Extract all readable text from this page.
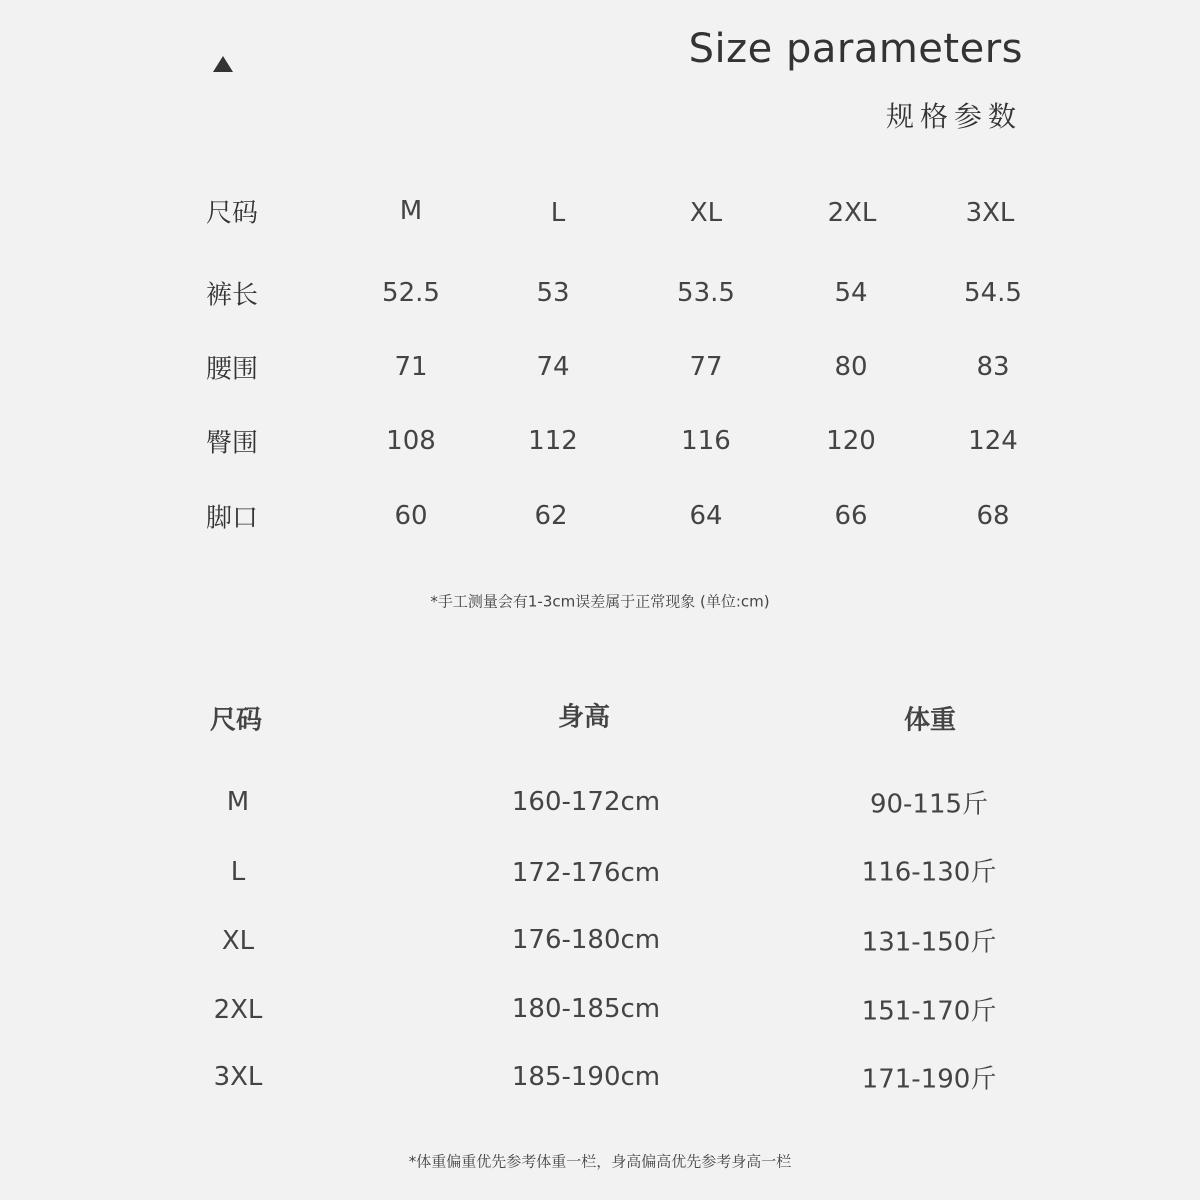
Size parameters
规格参数
尺码	M	L	XL	2XL	3XL
裤长	52.5	53	53.5	54	54.5
腰围	71	74	77	80	83
臀围	108	112	116	120	124
脚口	60	62	64	66	68
*手工测量会有1-3cm误差属于正常现象 (单位:cm)
尺码	身高	体重
M	160-172cm	90-115斤
L	172-176cm	116-130斤
XL	176-180cm	131-150斤
2XL	180-185cm	151-170斤
3XL	185-190cm	171-190斤
*体重偏重优先参考体重一栏，身高偏高优先参考身高一栏
